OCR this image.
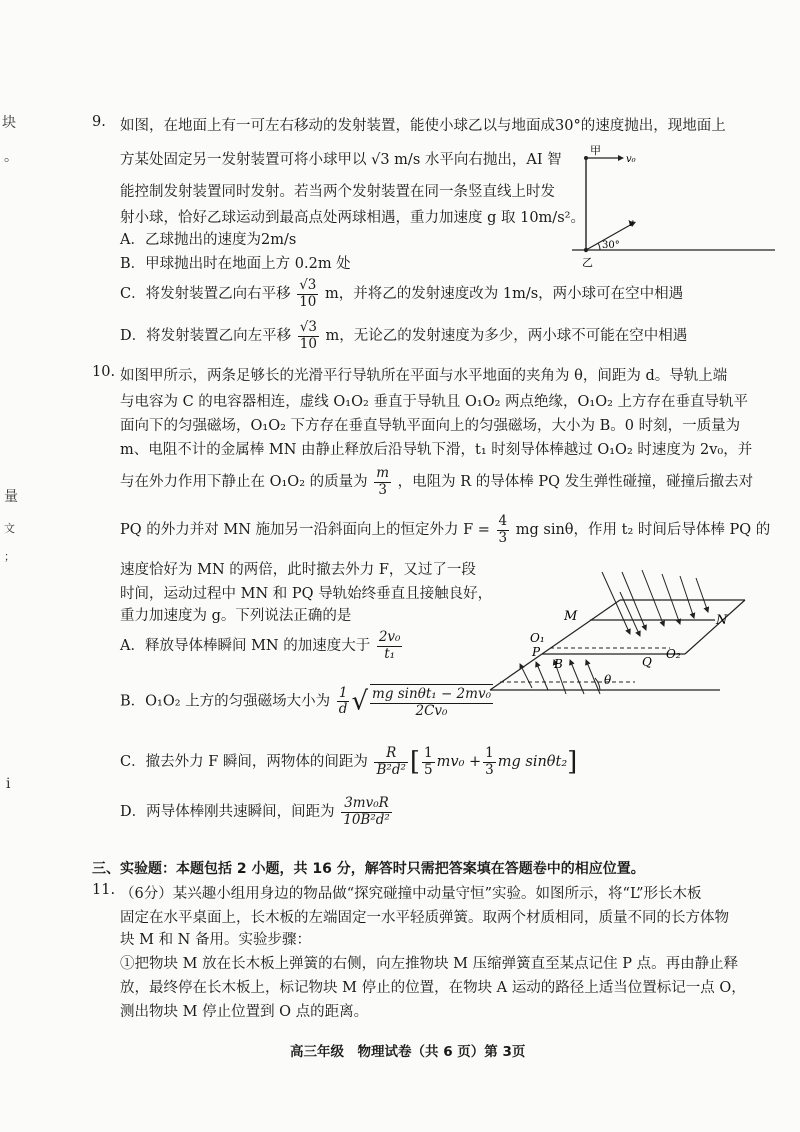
块
。
量
文
；
i
9. 如图，在地面上有一可左右移动的发射装置，能使小球乙以与地面成30°的速度抛出，现地面上
方某处固定另一发射装置可将小球甲以 √3 m/s 水平向右抛出，AI 智
能控制发射装置同时发射。若当两个发射装置在同一条竖直线上时发
射小球，恰好乙球运动到最高点处两球相遇，重力加速度 g 取 10m/s²。
A．乙球抛出的速度为2m/s
B．甲球抛出时在地面上方 0.2m 处
C．将发射装置乙向右平移 $\frac{√3}{10}$ m，并将乙的发射速度改为 1m/s，两小球可在空中相遇
D．将发射装置乙向左平移 $\frac{√3}{10}$ m，无论乙的发射速度为多少，两小球不可能在空中相遇
甲
v₀
v
30°
乙
10. 如图甲所示，两条足够长的光滑平行导轨所在平面与水平地面的夹角为 θ，间距为 d。导轨上端
与电容为 C 的电容器相连，虚线 O₁O₂ 垂直于导轨且 O₁O₂ 两点绝缘，O₁O₂ 上方存在垂直导轨平
面向下的匀强磁场，O₁O₂ 下方存在垂直导轨平面向上的匀强磁场，大小为 B。0 时刻，一质量为
m、电阻不计的金属棒 MN 由静止释放后沿导轨下滑，t₁ 时刻导体棒越过 O₁O₂ 时速度为 2v₀，并
与在外力作用下静止在 O₁O₂ 的质量为 $\frac{m}{3}$ ，电阻为 R 的导体棒 PQ 发生弹性碰撞，碰撞后撤去对
PQ 的外力并对 MN 施加另一沿斜面向上的恒定外力 $F = \frac{4}{3}$ mg sinθ，作用 t₂ 时间后导体棒 PQ 的
速度恰好为 MN 的两倍，此时撤去外力 F，又过了一段
时间，运动过程中 MN 和 PQ 导轨始终垂直且接触良好，
重力加速度为 g。下列说法正确的是
A．释放导体棒瞬间 MN 的加速度大于 $\frac{\text{2v₀}}{\text{t₁}}$
B．O₁O₂ 上方的匀强磁场大小为 $\frac{1}{d}$ √ $\frac{\text{mg sinθt₁ − 2mv₀}}{\text{2Cv₀}}$
C．撤去外力 F 瞬间，两物体的间距为 $\frac{R}{\text{B²d²}}$ [ $\frac{1}{5} mv_0 + \frac{1}{3}$ mg sinθt₂]
D．两导体棒刚共速瞬间，间距为 $\frac{\text{3mv₀R}}{\text{10B²d²}}$
M	N
O₁
P
B	Q
O₂
θ
三、实验题：本题包括 2 小题，共 16 分，解答时只需把答案填在答题卷中的相应位置。
11. （6分）某兴趣小组用身边的物品做“探究碰撞中动量守恒”实验。如图所示，将“L”形长木板
固定在水平桌面上，长木板的左端固定一水平轻质弹簧。取两个材质相同，质量不同的长方体物
块 M 和 N 备用。实验步骤：
①把物块 M 放在长木板上弹簧的右侧，向左推物块 M 压缩弹簧直至某点记住 P 点。再由静止释
放，最终停在长木板上，标记物块 M 停止的位置，在物块 A 运动的路径上适当位置标记一点 O，
测出物块 M 停止位置到 O 点的距离。
高三年级　物理试卷（共 6 页）第 3页
